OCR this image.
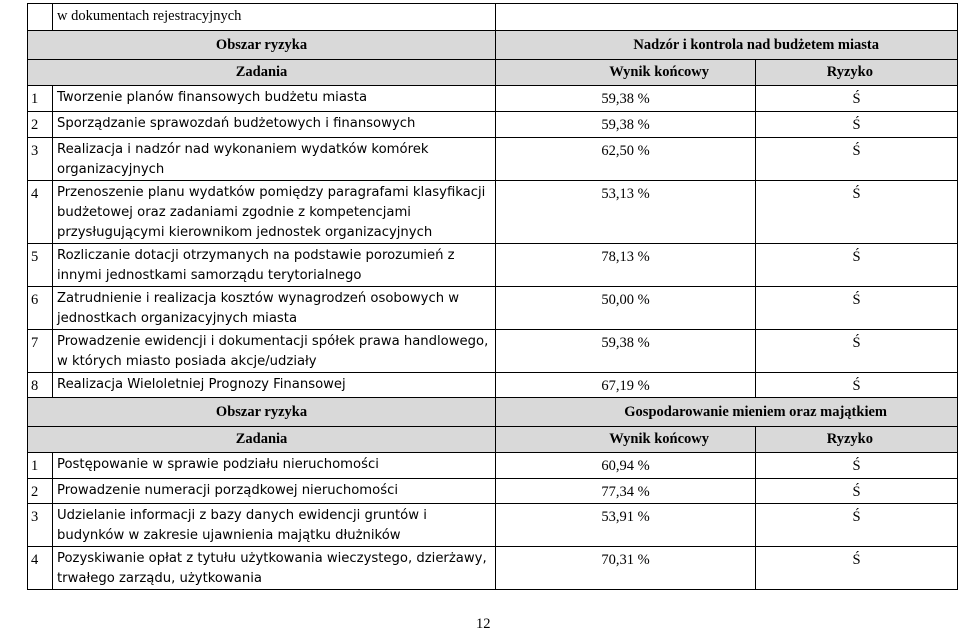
	w dokumentach rejestracyjnych		
Obszar ryzyka		Nadzór i kontrola nad budżetem miasta	
Zadania		Wynik końcowy	Ryzyko
1	Tworzenie planów finansowych budżetu miasta	59,38 %	Ś
2	Sporządzanie sprawozdań budżetowych i finansowych	59,38 %	Ś
3	Realizacja i nadzór nad wykonaniem wydatków komórek organizacyjnych	62,50 %	Ś
4	Przenoszenie planu wydatków pomiędzy paragrafami klasyfikacji budżetowej oraz zadaniami zgodnie z kompetencjami przysługującymi kierownikom jednostek organizacyjnych	53,13 %	Ś
5	Rozliczanie dotacji otrzymanych na podstawie porozumień z innymi jednostkami samorządu terytorialnego	78,13 %	Ś
6	Zatrudnienie i realizacja kosztów wynagrodzeń osobowych w jednostkach organizacyjnych miasta	50,00 %	Ś
7	Prowadzenie ewidencji i dokumentacji spółek prawa handlowego, w których miasto posiada akcje/udziały	59,38 %	Ś
8	Realizacja Wieloletniej Prognozy Finansowej	67,19 %	Ś
Obszar ryzyka		Gospodarowanie mieniem oraz majątkiem	
Zadania		Wynik końcowy	Ryzyko
1	Postępowanie w sprawie podziału nieruchomości	60,94 %	Ś
2	Prowadzenie numeracji porządkowej nieruchomości	77,34 %	Ś
3	Udzielanie informacji z bazy danych ewidencji gruntów i budynków w zakresie ujawnienia majątku dłużników	53,91 %	Ś
4	Pozyskiwanie opłat z tytułu użytkowania wieczystego, dzierżawy, trwałego zarządu, użytkowania	70,31 %	Ś
12
